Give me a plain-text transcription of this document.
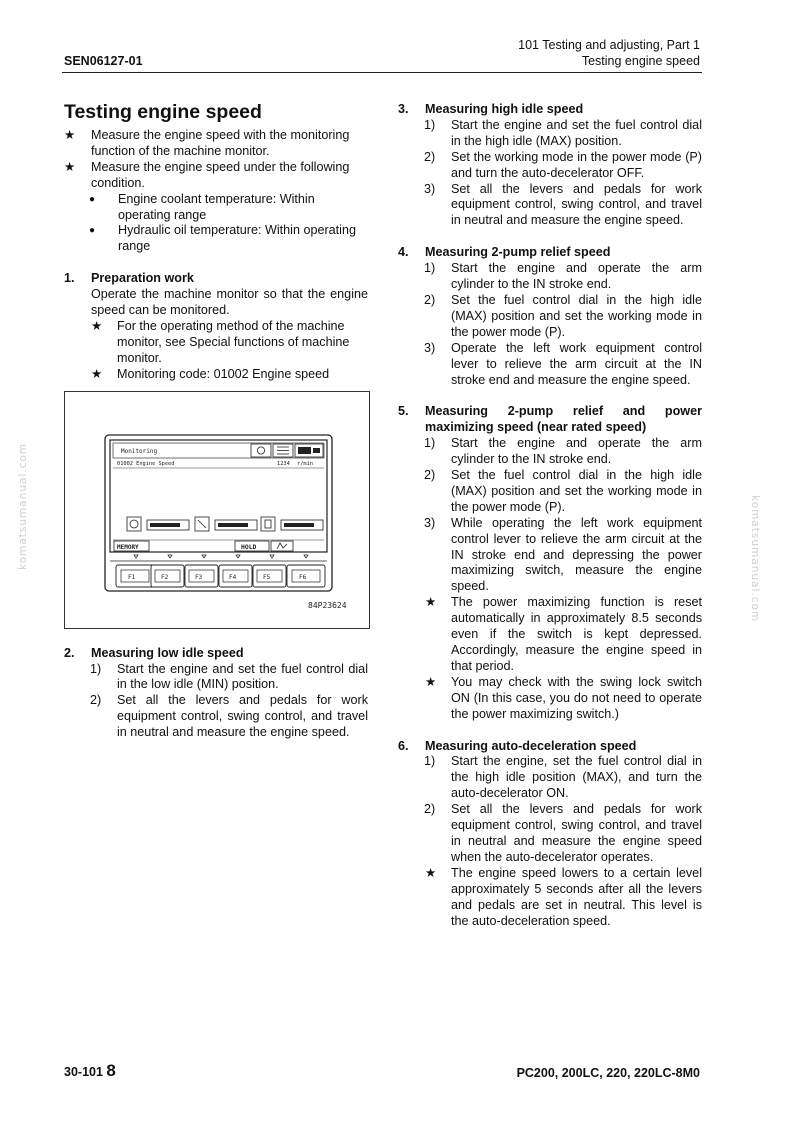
SEN06127-01
101 Testing and adjusting, Part 1
Testing engine speed
komatsumanual.com	komatsumanual.com
Testing engine speed
★ Measure the engine speed with the monitoring function of the machine monitor.
★ Measure the engine speed under the following condition.
● Engine coolant temperature: Within operating range
● Hydraulic oil temperature: Within operating range
1. Preparation work
Operate the machine monitor so that the engine speed can be monitored.
★ For the operating method of the machine monitor, see Special functions of machine monitor.
★ Monitoring code: 01002 Engine speed
Monitoring
01002 Engine Speed	1234 r/min
MEMORY	HOLD
F1	F2	F3	F4	F5	F6
84P23624
2. Measuring low idle speed
1) Start the engine and set the fuel control dial in the low idle (MIN) position.
2) Set all the levers and pedals for work equipment control, swing control, and travel in neutral and measure the engine speed.
3. Measuring high idle speed
1) Start the engine and set the fuel control dial in the high idle (MAX) position.
2) Set the working mode in the power mode (P) and turn the auto-decelerator OFF.
3) Set all the levers and pedals for work equipment control, swing control, and travel in neutral and measure the engine speed.
4. Measuring 2-pump relief speed
1) Start the engine and operate the arm cylinder to the IN stroke end.
2) Set the fuel control dial in the high idle (MAX) position and set the working mode in the power mode (P).
3) Operate the left work equipment control lever to relieve the arm circuit at the IN stroke end and measure the engine speed.
5. Measuring 2-pump relief and power maximizing speed (near rated speed)
1) Start the engine and operate the arm cylinder to the IN stroke end.
2) Set the fuel control dial in the high idle (MAX) position and set the working mode in the power mode (P).
3) While operating the left work equipment control lever to relieve the arm circuit at the IN stroke end and depressing the power maximizing switch, measure the engine speed.
★ The power maximizing function is reset automatically in approximately 8.5 seconds even if the switch is kept depressed. Accordingly, measure the engine speed in that period.
★ You may check with the swing lock switch ON (In this case, you do not need to operate the power maximizing switch.)
6. Measuring auto-deceleration speed
1) Start the engine, set the fuel control dial in the high idle position (MAX), and turn the auto-decelerator ON.
2) Set all the levers and pedals for work equipment control, swing control, and travel in neutral and measure the engine speed when the auto-decelerator operates.
★ The engine speed lowers to a certain level approximately 5 seconds after all the levers and pedals are set in neutral. This level is the auto-deceleration speed.
30-101 8	PC200, 200LC, 220, 220LC-8M0
